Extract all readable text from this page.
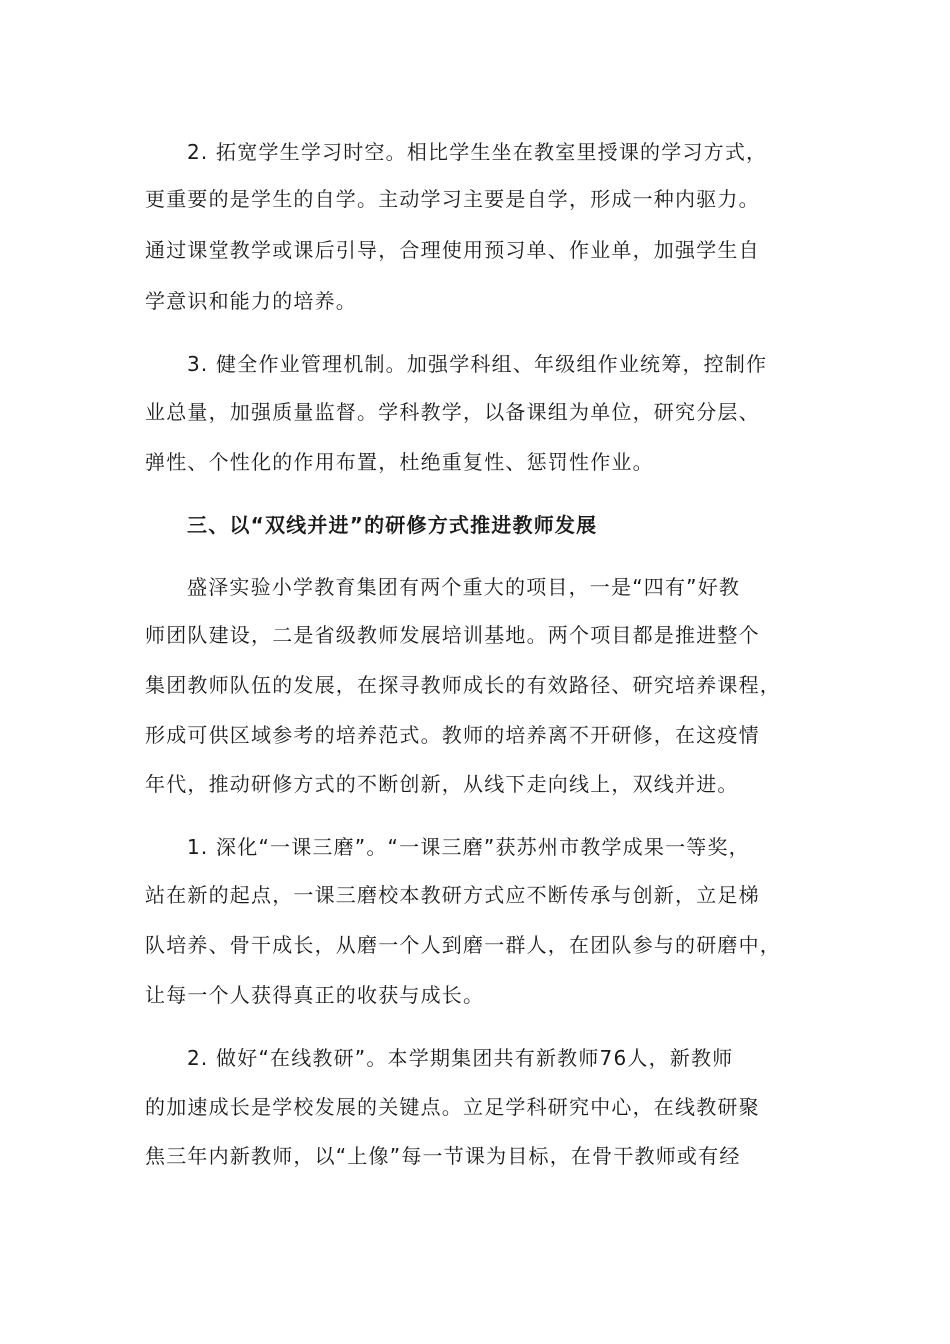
2. 拓宽学生学习时空。相比学生坐在教室里授课的学习方式，
更重要的是学生的自学。主动学习主要是自学，形成一种内驱力。
通过课堂教学或课后引导，合理使用预习单、作业单，加强学生自
学意识和能力的培养。
3. 健全作业管理机制。加强学科组、年级组作业统筹，控制作
业总量，加强质量监督。学科教学，以备课组为单位，研究分层、
弹性、个性化的作用布置，杜绝重复性、惩罚性作业。
三、以“双线并进”的研修方式推进教师发展
盛泽实验小学教育集团有两个重大的项目，一是“四有”好教
师团队建设，二是省级教师发展培训基地。两个项目都是推进整个
集团教师队伍的发展，在探寻教师成长的有效路径、研究培养课程，
形成可供区域参考的培养范式。教师的培养离不开研修，在这疫情
年代，推动研修方式的不断创新，从线下走向线上，双线并进。
1. 深化“一课三磨”。“一课三磨”获苏州市教学成果一等奖，
站在新的起点，一课三磨校本教研方式应不断传承与创新，立足梯
队培养、骨干成长，从磨一个人到磨一群人，在团队参与的研磨中，
让每一个人获得真正的收获与成长。
2. 做好“在线教研”。本学期集团共有新教师76人，新教师
的加速成长是学校发展的关键点。立足学科研究中心，在线教研聚
焦三年内新教师，以“上像”每一节课为目标，在骨干教师或有经
